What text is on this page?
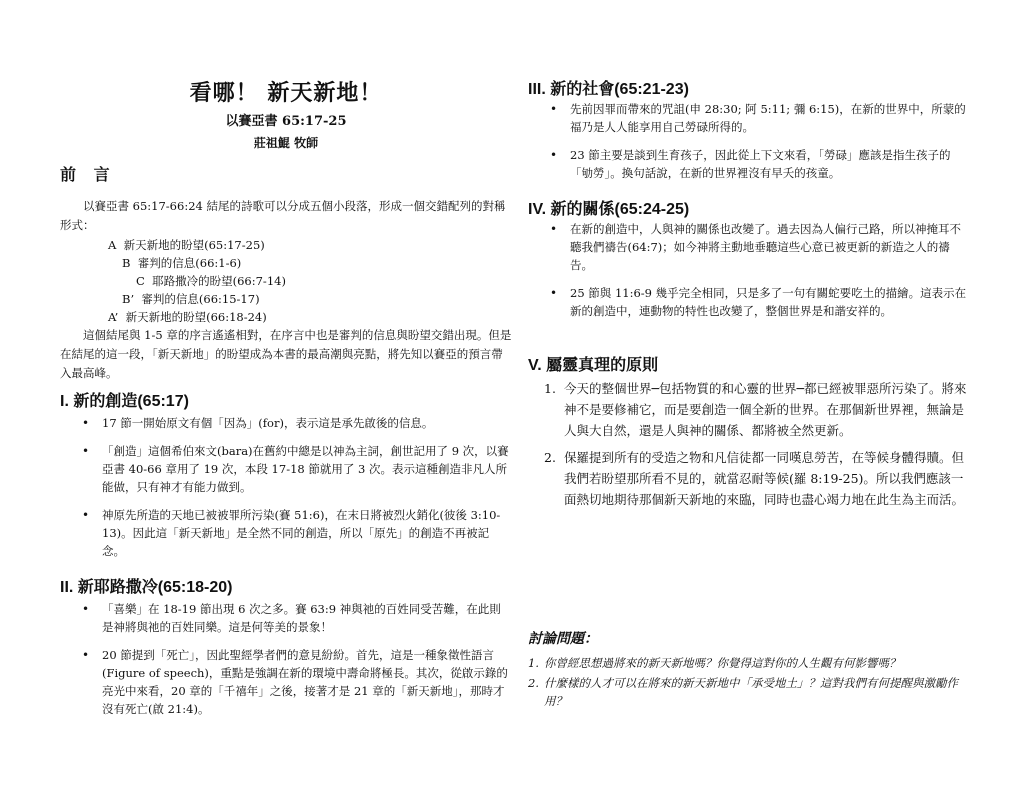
看哪！ 新天新地！
以賽亞書 65:17-25
莊祖鯤 牧師
前 言
以賽亞書 65:17-66:24 結尾的詩歌可以分成五個小段落，形成一個交錯配列的對稱形式：
A 新天新地的盼望(65:17-25)
B 審判的信息(66:1-6)
C 耶路撒冷的盼望(66:7-14)
B’ 審判的信息(66:15-17)
A’ 新天新地的盼望(66:18-24)
這個結尾與 1-5 章的序言遙遙相對，在序言中也是審判的信息與盼望交錯出現。但是在結尾的這一段，「新天新地」的盼望成為本書的最高潮與亮點，將先知以賽亞的預言帶入最高峰。
I. 新的創造(65:17)
• 17 節一開始原文有個「因為」(for)，表示這是承先啟後的信息。
• 「創造」這個希伯來文(bara)在舊約中總是以神為主詞，創世記用了 9 次，以賽亞書 40-66 章用了 19 次，本段 17-18 節就用了 3 次。表示這種創造非凡人所能做，只有神才有能力做到。
• 神原先所造的天地已被被罪所污染(賽 51:6)，在末日將被烈火銷化(彼後 3:10-13)。因此這「新天新地」是全然不同的創造，所以「原先」的創造不再被記念。
II. 新耶路撒冷(65:18-20)
• 「喜樂」在 18-19 節出現 6 次之多。賽 63:9 神與祂的百姓同受苦難，在此則是神將與祂的百姓同樂。這是何等美的景象！
• 20 節提到「死亡」，因此聖經學者們的意見紛紛。首先，這是一種象徵性語言(Figure of speech)，重點是強調在新的環境中壽命將極長。其次，從啟示錄的亮光中來看，20 章的「千禧年」之後，接著才是 21 章的「新天新地」，那時才沒有死亡(啟 21:4)。
III. 新的社會(65:21-23)
• 先前因罪而帶來的咒詛(申 28:30; 阿 5:11; 彌 6:15)，在新的世界中，所蒙的福乃是人人能享用自己勞碌所得的。
• 23 節主要是談到生育孩子，因此從上下文來看，「勞碌」應該是指生孩子的「劬勞」。換句話說，在新的世界裡沒有早夭的孩童。
IV. 新的關係(65:24-25)
• 在新的創造中，人與神的關係也改變了。過去因為人偏行己路，所以神掩耳不聽我們禱告(64:7)；如今神將主動地垂聽這些心意已被更新的新造之人的禱告。
• 25 節與 11:6-9 幾乎完全相同，只是多了一句有關蛇要吃土的描繪。這表示在新的創造中，連動物的特性也改變了，整個世界是和諧安祥的。
V. 屬靈真理的原則
1. 今天的整個世界─包括物質的和心靈的世界─都已經被罪惡所污染了。將來神不是要修補它，而是要創造一個全新的世界。在那個新世界裡，無論是人與大自然，還是人與神的關係、都將被全然更新。
2. 保羅提到所有的受造之物和凡信徒都一同嘆息勞苦，在等候身體得贖。但我們若盼望那所看不見的，就當忍耐等候(羅 8:19-25)。所以我們應該一面熱切地期待那個新天新地的來臨，同時也盡心竭力地在此生為主而活。
討論問題：
1. 你曾經思想過將來的新天新地嗎？你覺得這對你的人生觀有何影響嗎？
2. 什麼樣的人才可以在將來的新天新地中「承受地土」？這對我們有何提醒與激勵作用？
